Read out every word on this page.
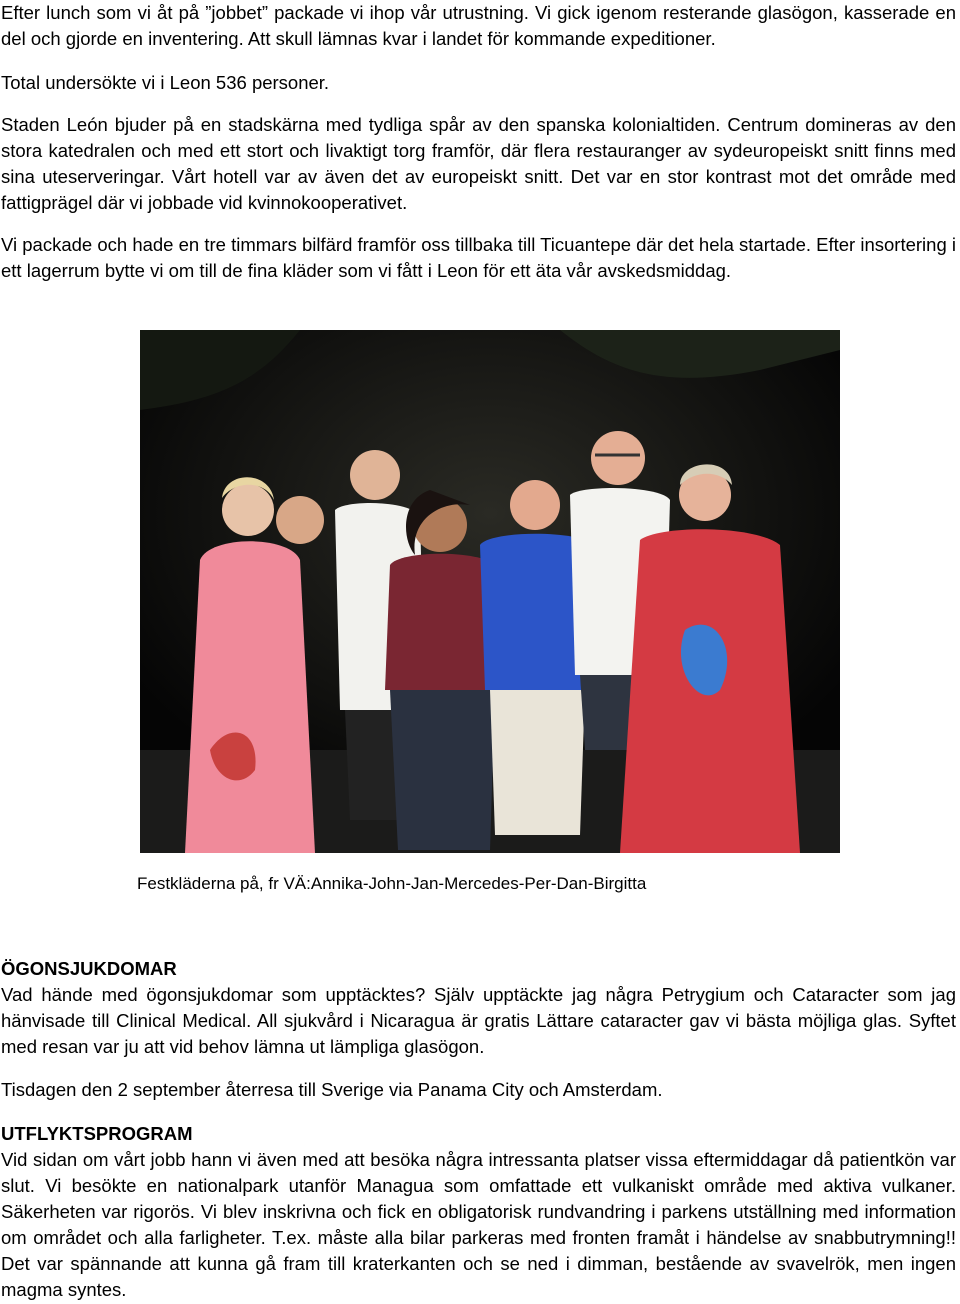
Efter lunch som vi åt på ”jobbet” packade vi ihop vår utrustning. Vi gick igenom resterande glasögon, kasserade en del och gjorde en inventering. Att skull lämnas kvar i landet för kommande expeditioner.

Total undersökte vi i Leon 536 personer.

Staden León bjuder på en stadskärna med tydliga spår av den spanska kolonialtiden. Centrum domineras av den stora katedralen och med ett stort och livaktigt torg framför, där flera restauranger av sydeuropeiskt snitt finns med sina uteserveringar. Vårt hotell var av även det av europeiskt snitt. Det var en stor kontrast mot det område med fattigprägel där vi jobbade vid kvinnokooperativet.

Vi packade och hade en tre timmars bilfärd framför oss tillbaka till Ticuantepe där det hela startade. Efter insortering i ett lagerrum bytte vi om till de fina kläder som vi fått i Leon för ett äta vår avskedsmiddag.

Festkläderna på, fr VÄ:Annika-John-Jan-Mercedes-Per-Dan-Birgitta
ÖGONSJUKDOMAR

Vad hände med ögonsjukdomar som upptäcktes? Själv upptäckte jag några Petrygium och Cataracter som jag hänvisade till Clinical Medical. All sjukvård i Nicaragua är gratis Lättare cataracter gav vi bästa möjliga glas. Syftet med resan var ju att vid behov lämna ut lämpliga glasögon.

Tisdagen den 2 september återresa till Sverige via Panama City och Amsterdam.

UTFLYKTSPROGRAM

Vid sidan om vårt jobb hann vi även med att besöka några intressanta platser vissa eftermiddagar då patientkön var slut. Vi besökte en nationalpark utanför Managua som omfattade ett vulkaniskt område med aktiva vulkaner. Säkerheten var rigorös. Vi blev inskrivna och fick en obligatorisk rundvandring i parkens utställning med information om området och alla farligheter. T.ex. måste alla bilar parkeras med fronten framåt i händelse av snabbutrymning!! Det var spännande att kunna gå fram till kraterkanten och se ned i dimman, bestående av svavelrök, men ingen magma syntes.
